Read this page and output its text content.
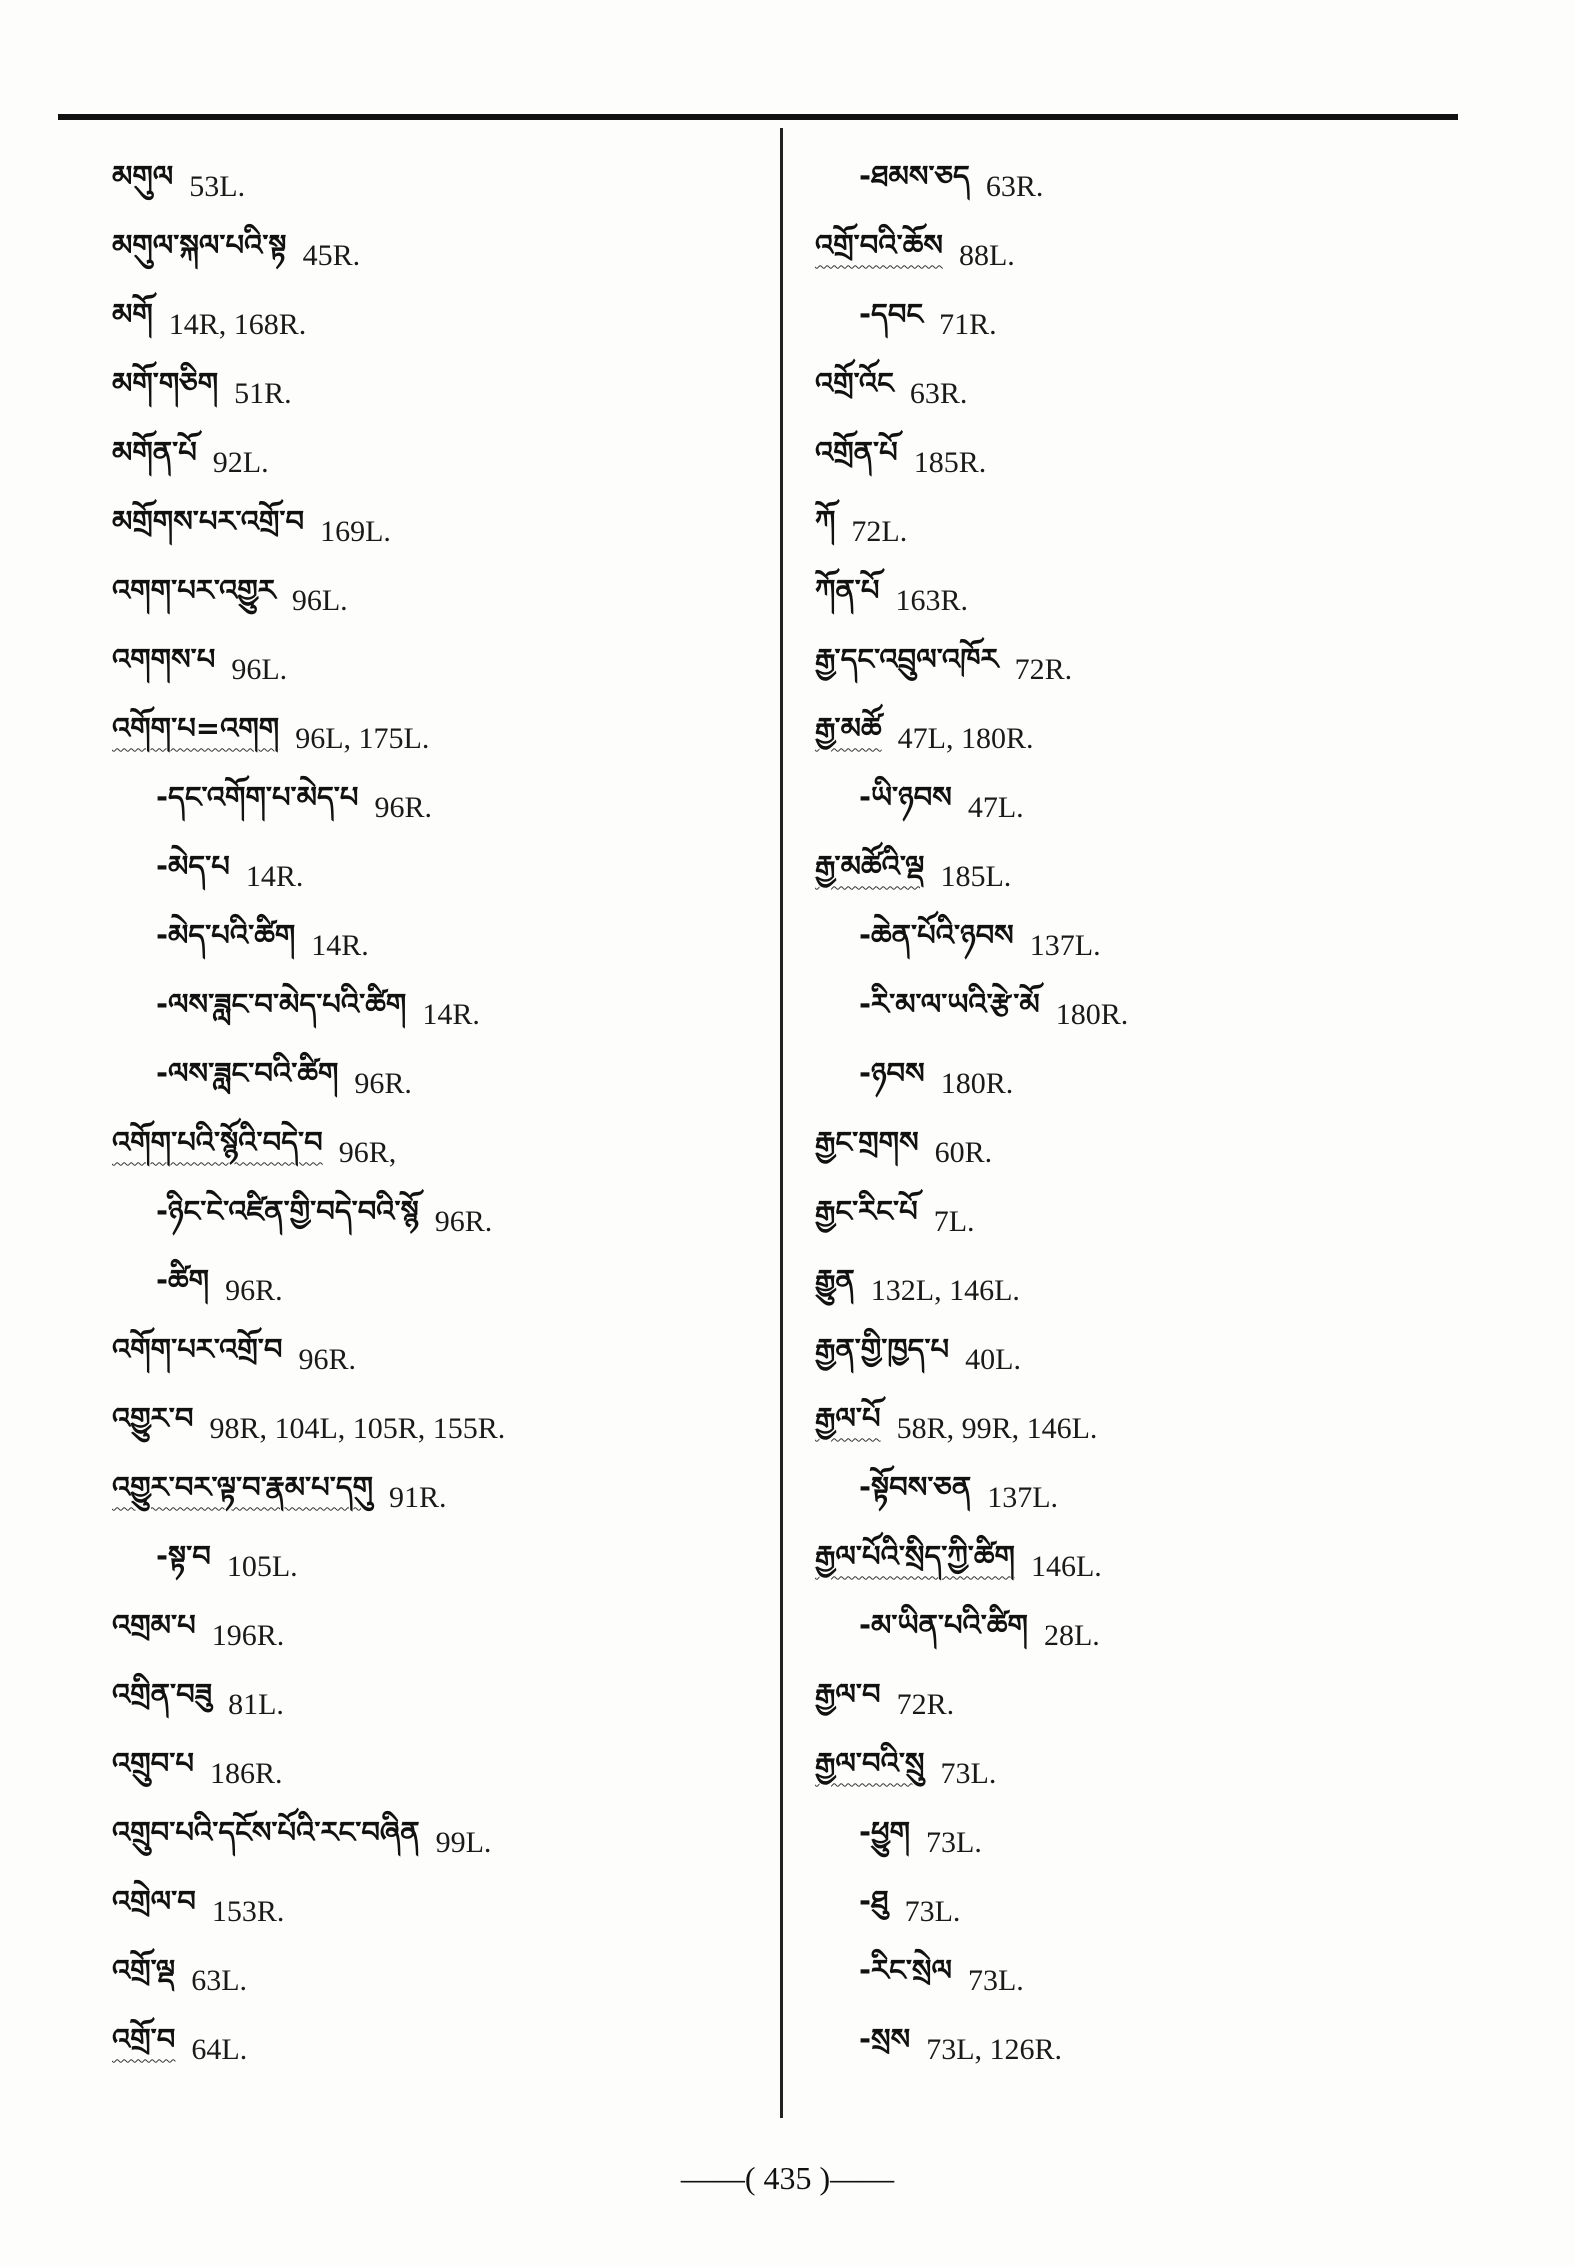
མགུལ 53L.
མགུལ་སྐལ་པའི་སྟ 45R.
མགོ 14R, 168R.
མགོ་གཅིག 51R.
མགོན་པོ 92L.
མགྲོགས་པར་འགྲོ་བ 169L.
འགག་པར་འགྱུར 96L.
འགགས་པ 96L.
འགོག་པ=འགག 96L, 175L.
-དང་འགོག་པ་མེད་པ 96R.
-མེད་པ 14R.
-མེད་པའི་ཚིག 14R.
-ལས་ཟླང་བ་མེད་པའི་ཚིག 14R.
-ལས་ཟླང་བའི་ཚིག 96R.
འགོག་པའི་སྙོའི་བདེ་བ 96R,
-ཉིང་ངེ་འཛིན་གྱི་བདེ་བའི་སྙོ 96R.
-ཚིག 96R.
འགོག་པར་འགྲོ་བ 96R.
འགྱུར་བ 98R, 104L, 105R, 155R.
འགྱུར་བར་ལྟ་བ་རྣམ་པ་དགུ 91R.
-སྟ་བ 105L.
འགྲམ་པ 196R.
འགྲིན་བཟུ 81L.
འགྲུབ་པ 186R.
འགྲུབ་པའི་དངོས་པོའི་རང་བཞིན 99L.
འགྲེལ་བ 153R.
འགྲོ་ལྡ 63L.
འགྲོ་བ 64L.
-ཐམས་ཅད 63R.
འགྲོ་བའི་ཆོས 88L.
-དབང 71R.
འགྲོ་འོང 63R.
འགྲོན་པོ 185R.
ཀོ 72L.
ཀོན་པོ 163R.
རྒྱ་དང་འབྲུལ་འཁོར 72R.
རྒྱ་མཚོ 47L, 180R.
-ཡི་ཉབས 47L.
རྒྱ་མཚོའི་ལྡ 185L.
-ཆེན་པོའི་ཉབས 137L.
-རི་མ་ལ་ཡའི་རྩེ་མོ 180R.
-ཉབས 180R.
རྒྱང་གྲགས 60R.
རྒྱང་རིང་པོ 7L.
རྒྱུན 132L, 146L.
རྒྱན་གྱི་ཁྱད་པ 40L.
རྒྱལ་པོ 58R, 99R, 146L.
-སྟོབས་ཅན 137L.
རྒྱལ་པོའི་སྲིད་ཀྱི་ཚིག 146L.
-མ་ཡིན་པའི་ཚིག 28L.
རྒྱལ་བ 72R.
རྒྱལ་བའི་སྲུ 73L.
-ཕྱུག 73L.
-ཐུ 73L.
-རིང་སྲེལ 73L.
-སྲས 73L, 126R.
——( 435 )——
